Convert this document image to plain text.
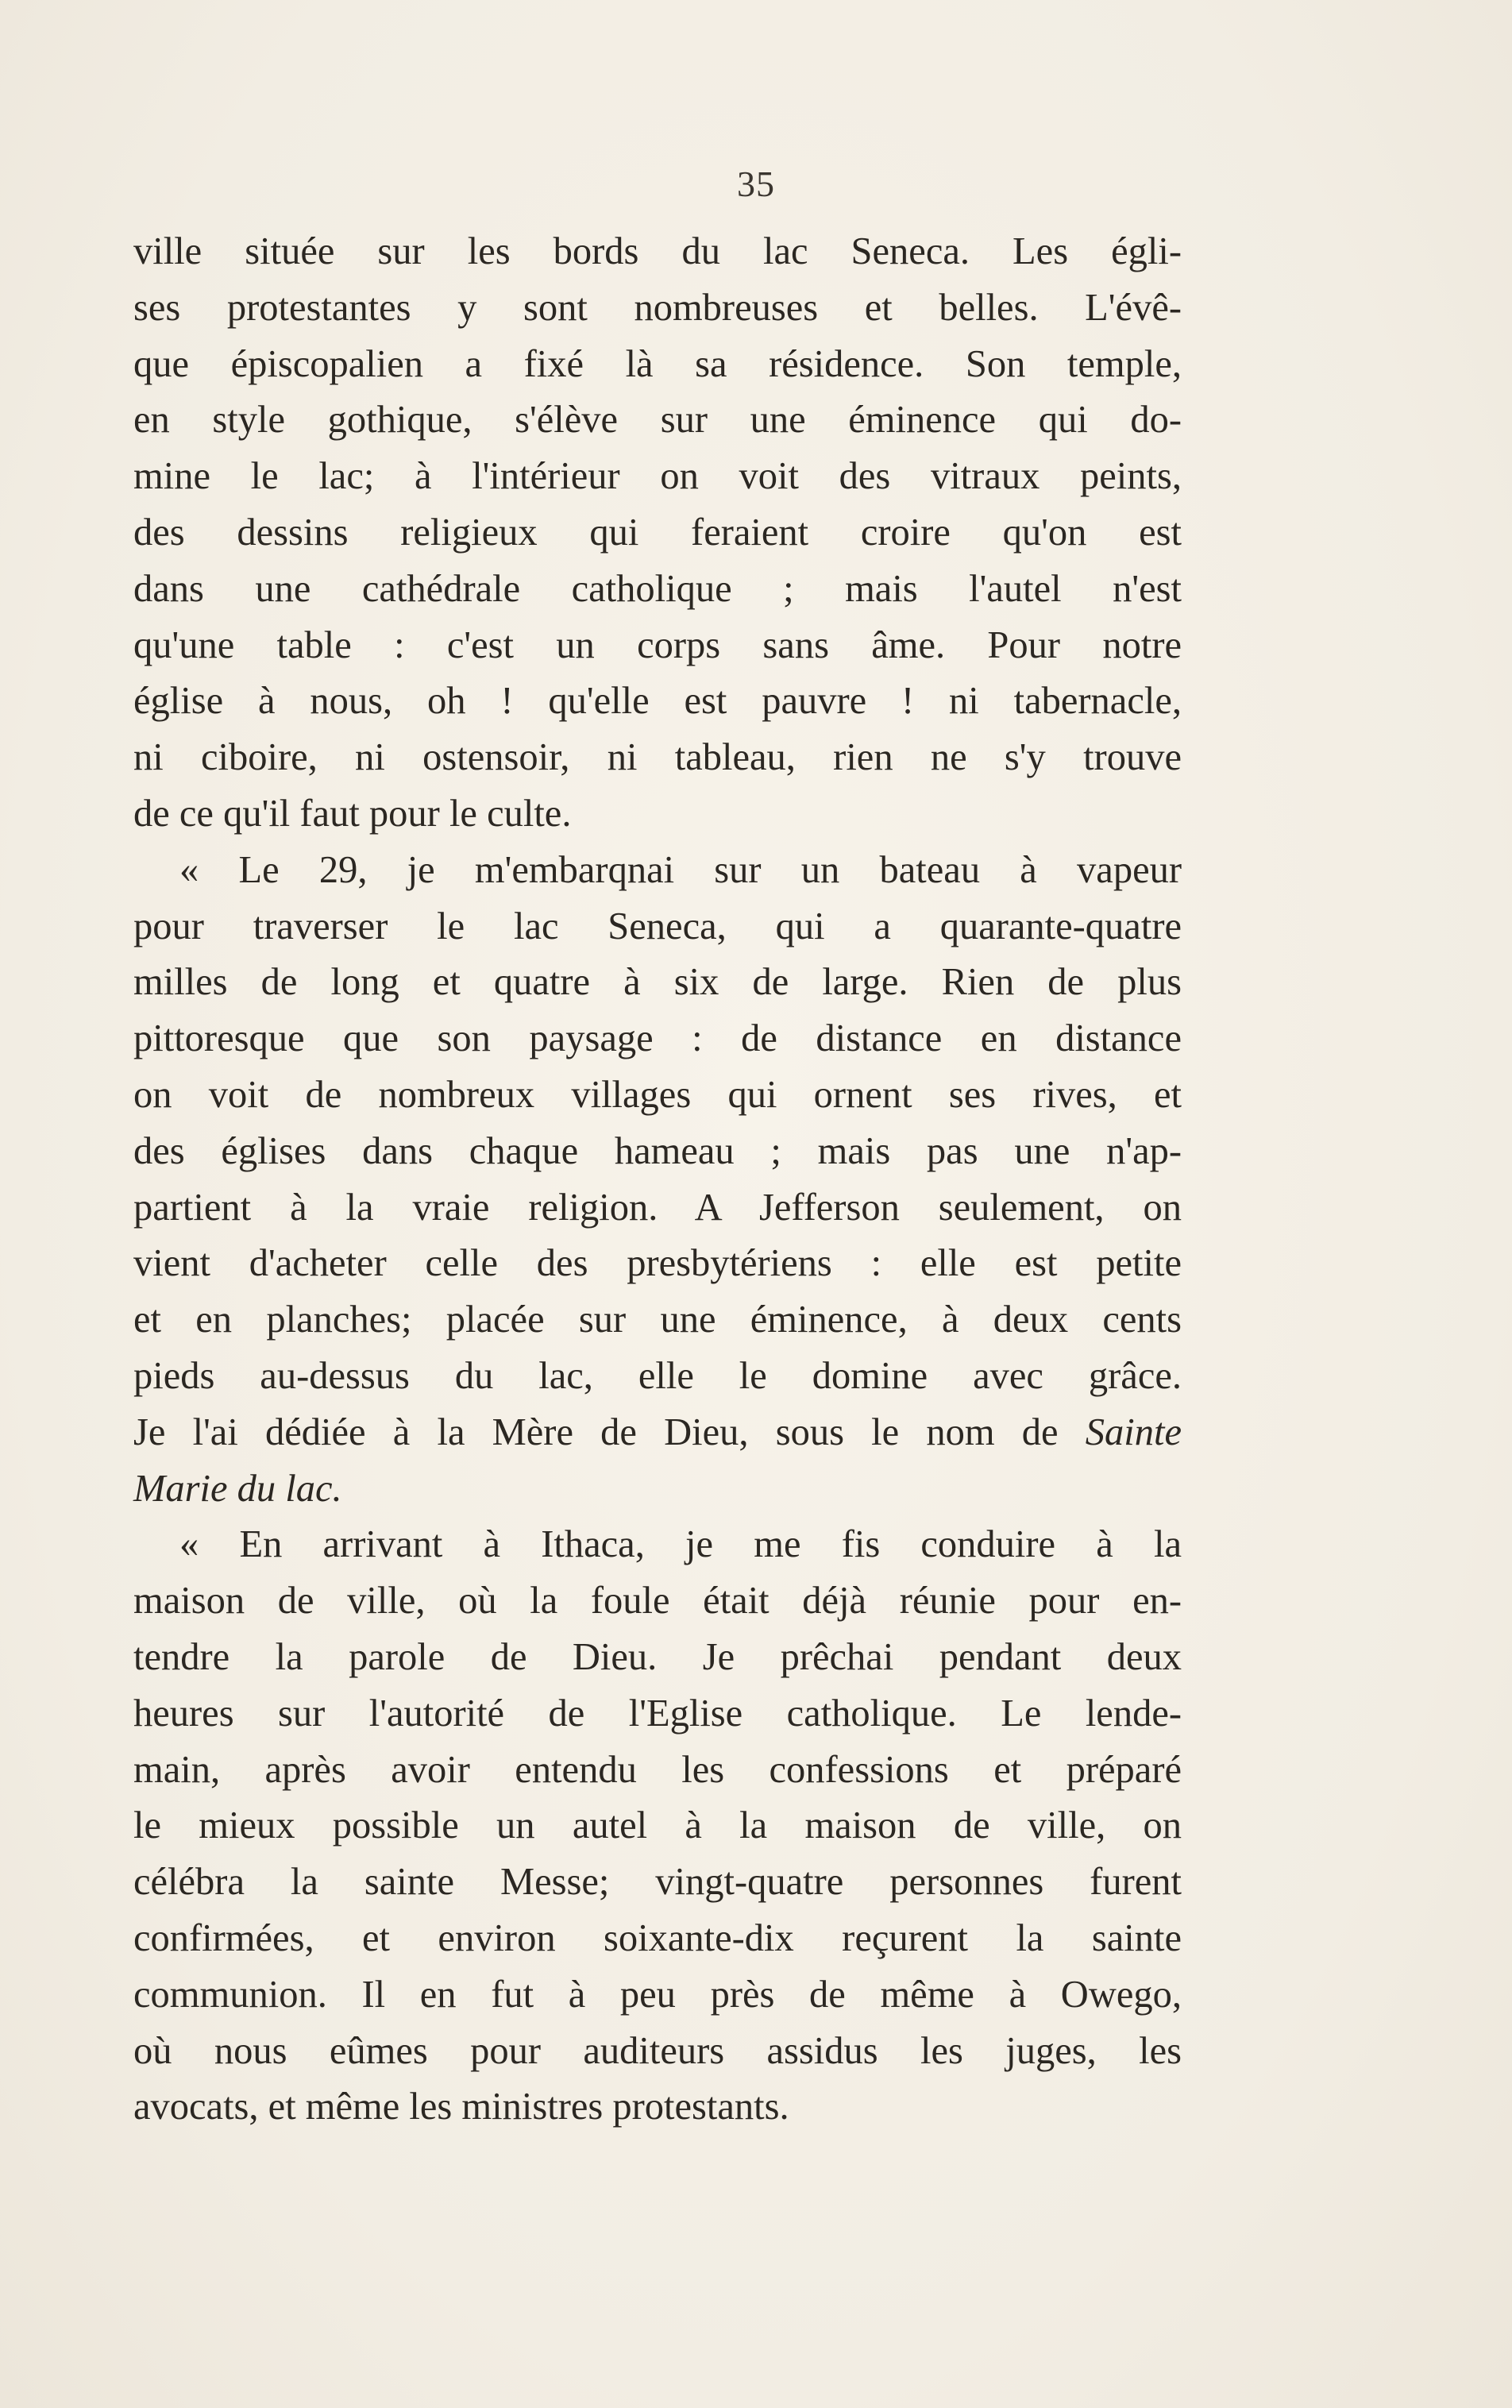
35
ville située sur les bords du lac Seneca. Les égli-
ses protestantes y sont nombreuses et belles. L'évê-
que épiscopalien a fixé là sa résidence. Son temple,
en style gothique, s'élève sur une éminence qui do-
mine le lac; à l'intérieur on voit des vitraux peints,
des dessins religieux qui feraient croire qu'on est
dans une cathédrale catholique ; mais l'autel n'est
qu'une table : c'est un corps sans âme. Pour notre
église à nous, oh ! qu'elle est pauvre ! ni tabernacle,
ni ciboire, ni ostensoir, ni tableau, rien ne s'y trouve
de ce qu'il faut pour le culte.
« Le 29, je m'embarqnai sur un bateau à vapeur
pour traverser le lac Seneca, qui a quarante-quatre
milles de long et quatre à six de large. Rien de plus
pittoresque que son paysage : de distance en distance
on voit de nombreux villages qui ornent ses rives, et
des églises dans chaque hameau ; mais pas une n'ap-
partient à la vraie religion. A Jefferson seulement, on
vient d'acheter celle des presbytériens : elle est petite
et en planches; placée sur une éminence, à deux cents
pieds au-dessus du lac, elle le domine avec grâce.
Je l'ai dédiée à la Mère de Dieu, sous le nom de Sainte
Marie du lac.
« En arrivant à Ithaca, je me fis conduire à la
maison de ville, où la foule était déjà réunie pour en-
tendre la parole de Dieu. Je prêchai pendant deux
heures sur l'autorité de l'Eglise catholique. Le lende-
main, après avoir entendu les confessions et préparé
le mieux possible un autel à la maison de ville, on
célébra la sainte Messe; vingt-quatre personnes furent
confirmées, et environ soixante-dix reçurent la sainte
communion. Il en fut à peu près de même à Owego,
où nous eûmes pour auditeurs assidus les juges, les
avocats, et même les ministres protestants.
